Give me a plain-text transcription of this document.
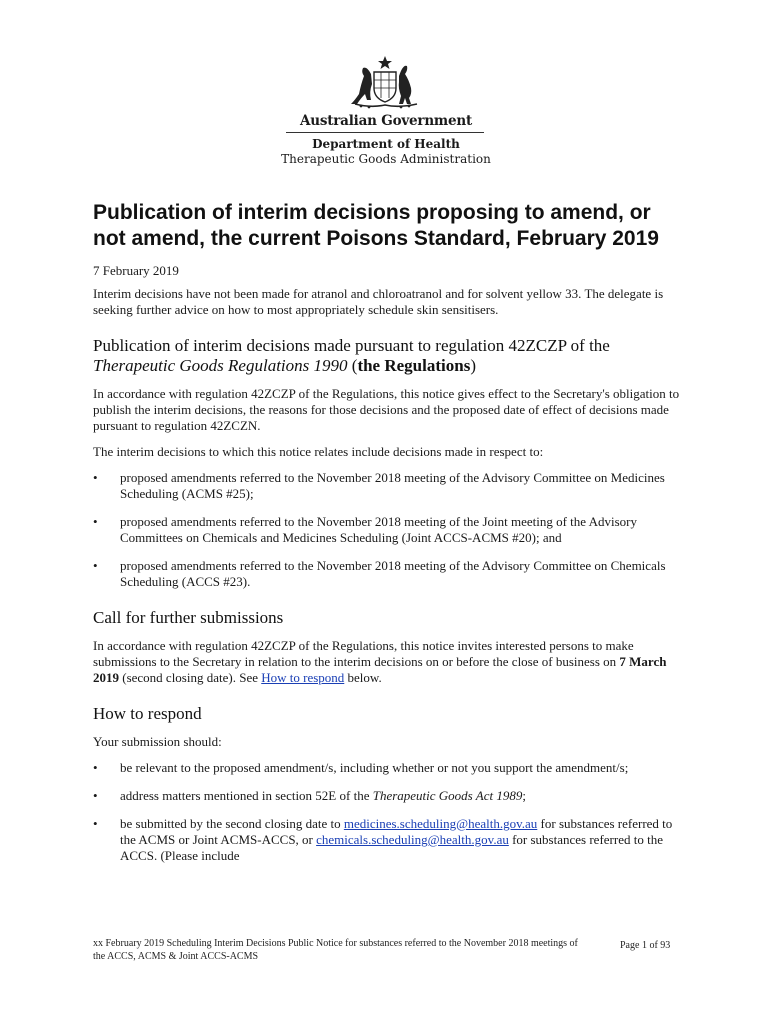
Australian Government
Department of Health
Therapeutic Goods Administration
Publication of interim decisions proposing to amend, or not amend, the current Poisons Standard, February 2019

7 February 2019

Interim decisions have not been made for atranol and chloroatranol and for solvent yellow 33. The delegate is seeking further advice on how to most appropriately schedule skin sensitisers.

Publication of interim decisions made pursuant to regulation 42ZCZP of the Therapeutic Goods Regulations 1990 (the Regulations)

In accordance with regulation 42ZCZP of the Regulations, this notice gives effect to the Secretary's obligation to publish the interim decisions, the reasons for those decisions and the proposed date of effect of decisions made pursuant to regulation 42ZCZN.

The interim decisions to which this notice relates include decisions made in respect to:

• proposed amendments referred to the November 2018 meeting of the Advisory Committee on Medicines Scheduling (ACMS #25);
• proposed amendments referred to the November 2018 meeting of the Joint meeting of the Advisory Committees on Chemicals and Medicines Scheduling (Joint ACCS-ACMS #20); and
• proposed amendments referred to the November 2018 meeting of the Advisory Committee on Chemicals Scheduling (ACCS #23).
Call for further submissions

In accordance with regulation 42ZCZP of the Regulations, this notice invites interested persons to make submissions to the Secretary in relation to the interim decisions on or before the close of business on 7 March 2019 (second closing date). See How to respond below.

How to respond

Your submission should:

• be relevant to the proposed amendment/s, including whether or not you support the amendment/s;
• address matters mentioned in section 52E of the Therapeutic Goods Act 1989;
• be submitted by the second closing date to medicines.scheduling@health.gov.au for substances referred to the ACMS or Joint ACMS-ACCS, or chemicals.scheduling@health.gov.au for substances referred to the ACCS. (Please include
xx February 2019 Scheduling Interim Decisions Public Notice for substances referred to the November 2018 meetings of the ACCS, ACMS & Joint ACCS-ACMS
Page 1 of 93
